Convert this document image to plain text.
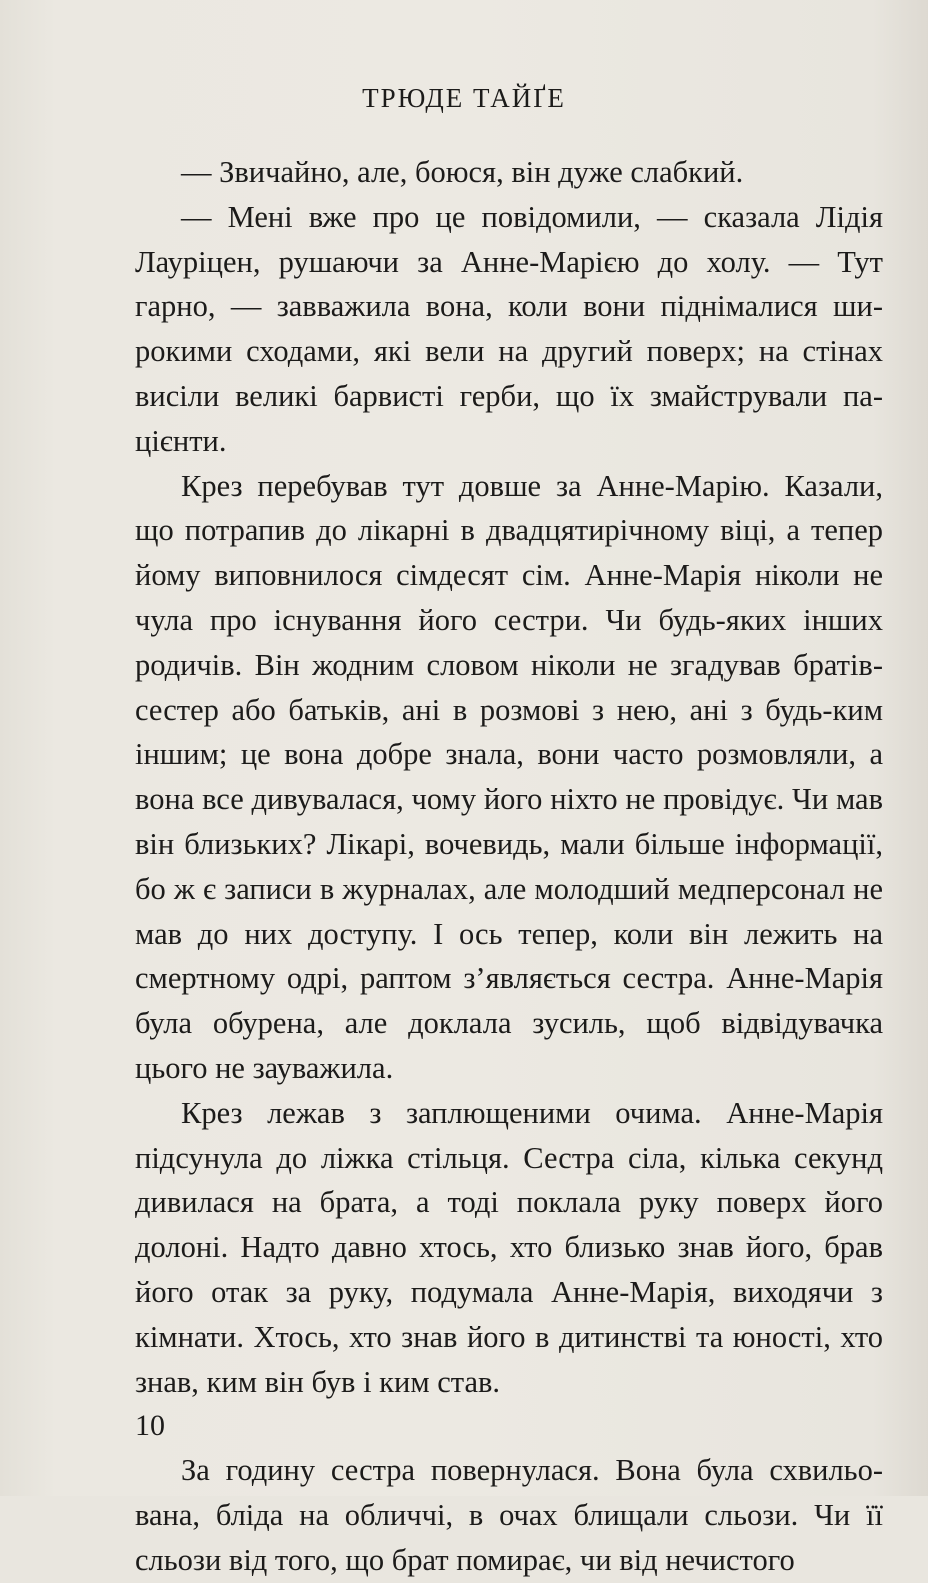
ТРЮДЕ ТАЙҐЕ

— Звичайно, але, боюся, він дуже слабкий.

— Мені вже про це повідомили, — сказала Лідія Лауріцен, рушаючи за Анне-Марією до холу. — Тут гарно, — завважила вона, коли вони піднімалися широкими сходами, які вели на другий поверх; на стінах висіли великі барвисті герби, що їх змайстрували пацієнти.

Крез перебував тут довше за Анне-Марію. Казали, що потрапив до лікарні в двадцятирічному віці, а тепер йому виповнилося сімдесят сім. Анне-Марія ніколи не чула про існування його сестри. Чи будь-яких інших родичів. Він жодним словом ніколи не згадував братів-сестер або батьків, ані в розмові з нею, ані з будь-ким іншим; це вона добре знала, вони часто розмовляли, а вона все дивувалася, чому його ніхто не провідує. Чи мав він близьких? Лікарі, вочевидь, мали більше інформації, бо ж є записи в журналах, але молодший медперсонал не мав до них доступу. І ось тепер, коли він лежить на смертному одрі, раптом з’являється сестра. Анне-Марія була обурена, але доклала зусиль, щоб відвідувачка цього не зауважила.

Крез лежав з заплющеними очима. Анне-Марія підсунула до ліжка стільця. Сестра сіла, кілька секунд дивилася на брата, а тоді поклала руку поверх його долоні. Надто давно хтось, хто близько знав його, брав його отак за руку, подумала Анне-Марія, виходячи з кімнати. Хтось, хто знав його в дитинстві та юності, хто знав, ким він був і ким став.

За годину сестра повернулася. Вона була схвильована, бліда на обличчі, в очах блищали сльози. Чи її сльози від того, що брат помирає, чи від нечистого

10
